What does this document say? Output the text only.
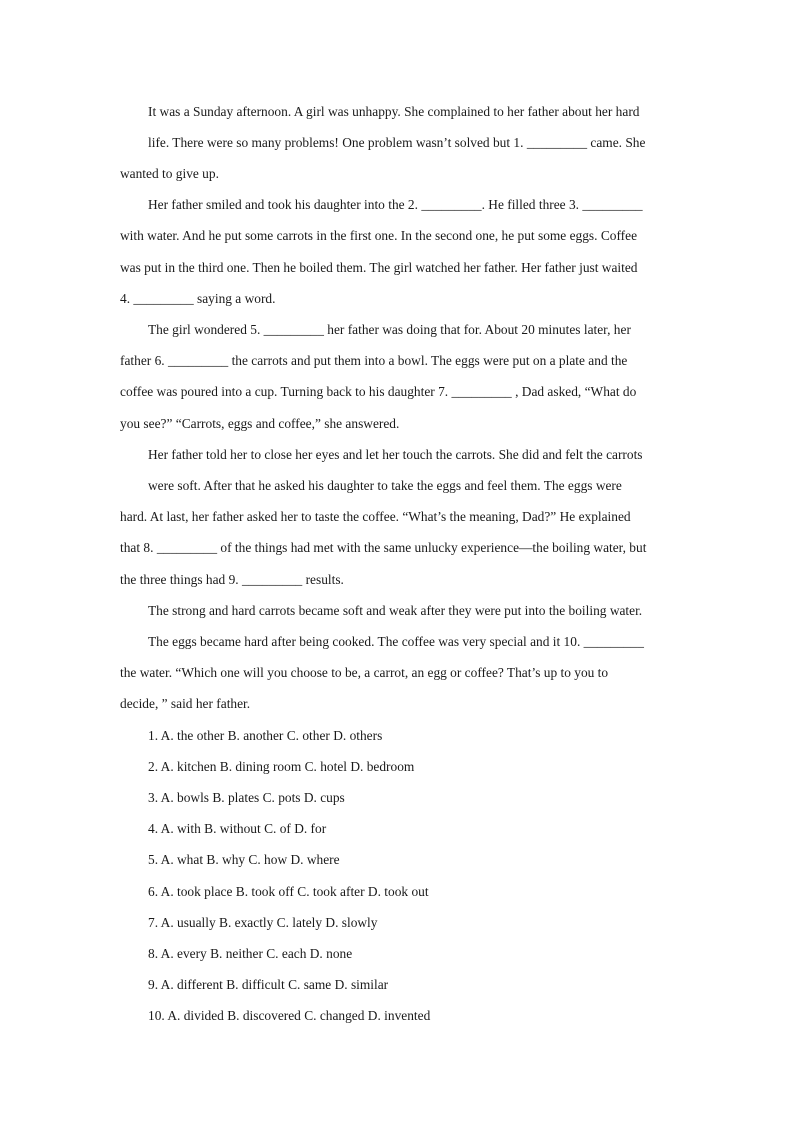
It was a Sunday afternoon. A girl was unhappy. She complained to her father about her hard
life. There were so many problems! One problem wasn’t solved but 1. _________ came. She
wanted to give up.
Her father smiled and took his daughter into the 2. _________. He filled three 3. _________
with water. And he put some carrots in the first one. In the second one, he put some eggs. Coffee
was put in the third one. Then he boiled them. The girl watched her father. Her father just waited
4. _________ saying a word.
The girl wondered 5. _________ her father was doing that for. About 20 minutes later, her
father 6. _________ the carrots and put them into a bowl. The eggs were put on a plate and the
coffee was poured into a cup. Turning back to his daughter 7. _________ , Dad asked, “What do
you see?” “Carrots, eggs and coffee,” she answered.
Her father told her to close her eyes and let her touch the carrots. She did and felt the carrots
were soft. After that he asked his daughter to take the eggs and feel them. The eggs were
hard. At last, her father asked her to taste the coffee. “What’s the meaning, Dad?” He explained
that 8. _________ of the things had met with the same unlucky experience—the boiling water, but
the three things had 9. _________ results.
The strong and hard carrots became soft and weak after they were put into the boiling water.
The eggs became hard after being cooked. The coffee was very special and it 10. _________
the water. “Which one will you choose to be, a carrot, an egg or coffee? That’s up to you to
decide, ” said her father.
1. A. the other B. another C. other D. others
2. A. kitchen B. dining room C. hotel D. bedroom
3. A. bowls B. plates C. pots D. cups
4. A. with B. without C. of D. for
5. A. what B. why C. how D. where
6. A. took place B. took off C. took after D. took out
7. A. usually B. exactly C. lately D. slowly
8. A. every B. neither C. each D. none
9. A. different B. difficult C. same D. similar
10. A. divided B. discovered C. changed D. invented
